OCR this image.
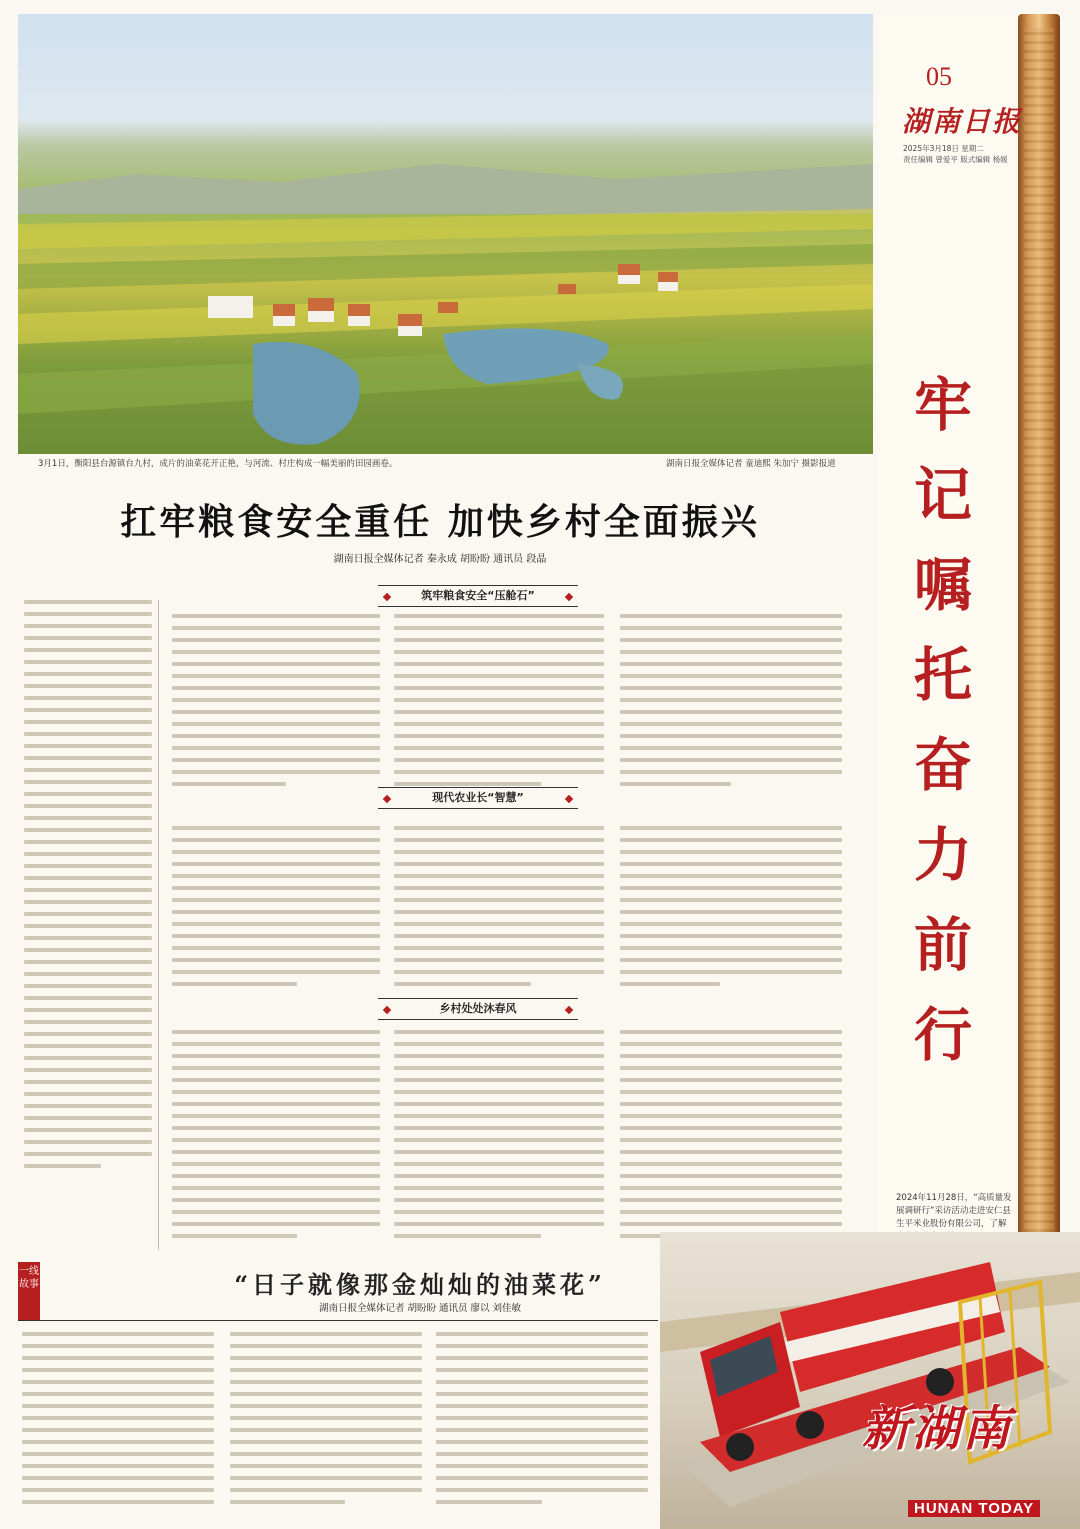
3月1日，衡阳县台源镇台九村，成片的油菜花开正艳，与河流、村庄构成一幅美丽的田园画卷。	湖南日报全媒体记者 童迪熙 朱加宁 摄影报道
05
湖南日报
2025年3月18日 星期二
责任编辑 曾爱平 版式编辑 杨媛
牢记嘱托 奋力前行
2024年11月28日，“高质量发展调研行”采访活动走进安仁县生平米业股份有限公司，了解
扛牢粮食安全重任 加快乡村全面振兴
湖南日报全媒体记者 秦永成 胡盼盼 通讯员 段晶
筑牢粮食安全“压舱石”
现代农业长“智慧”
乡村处处沐春风
一线故事	“日子就像那金灿灿的油菜花”
湖南日报全媒体记者 胡盼盼 通讯员 廖以 刘佳敏
新湖南
HUNAN TODAY
